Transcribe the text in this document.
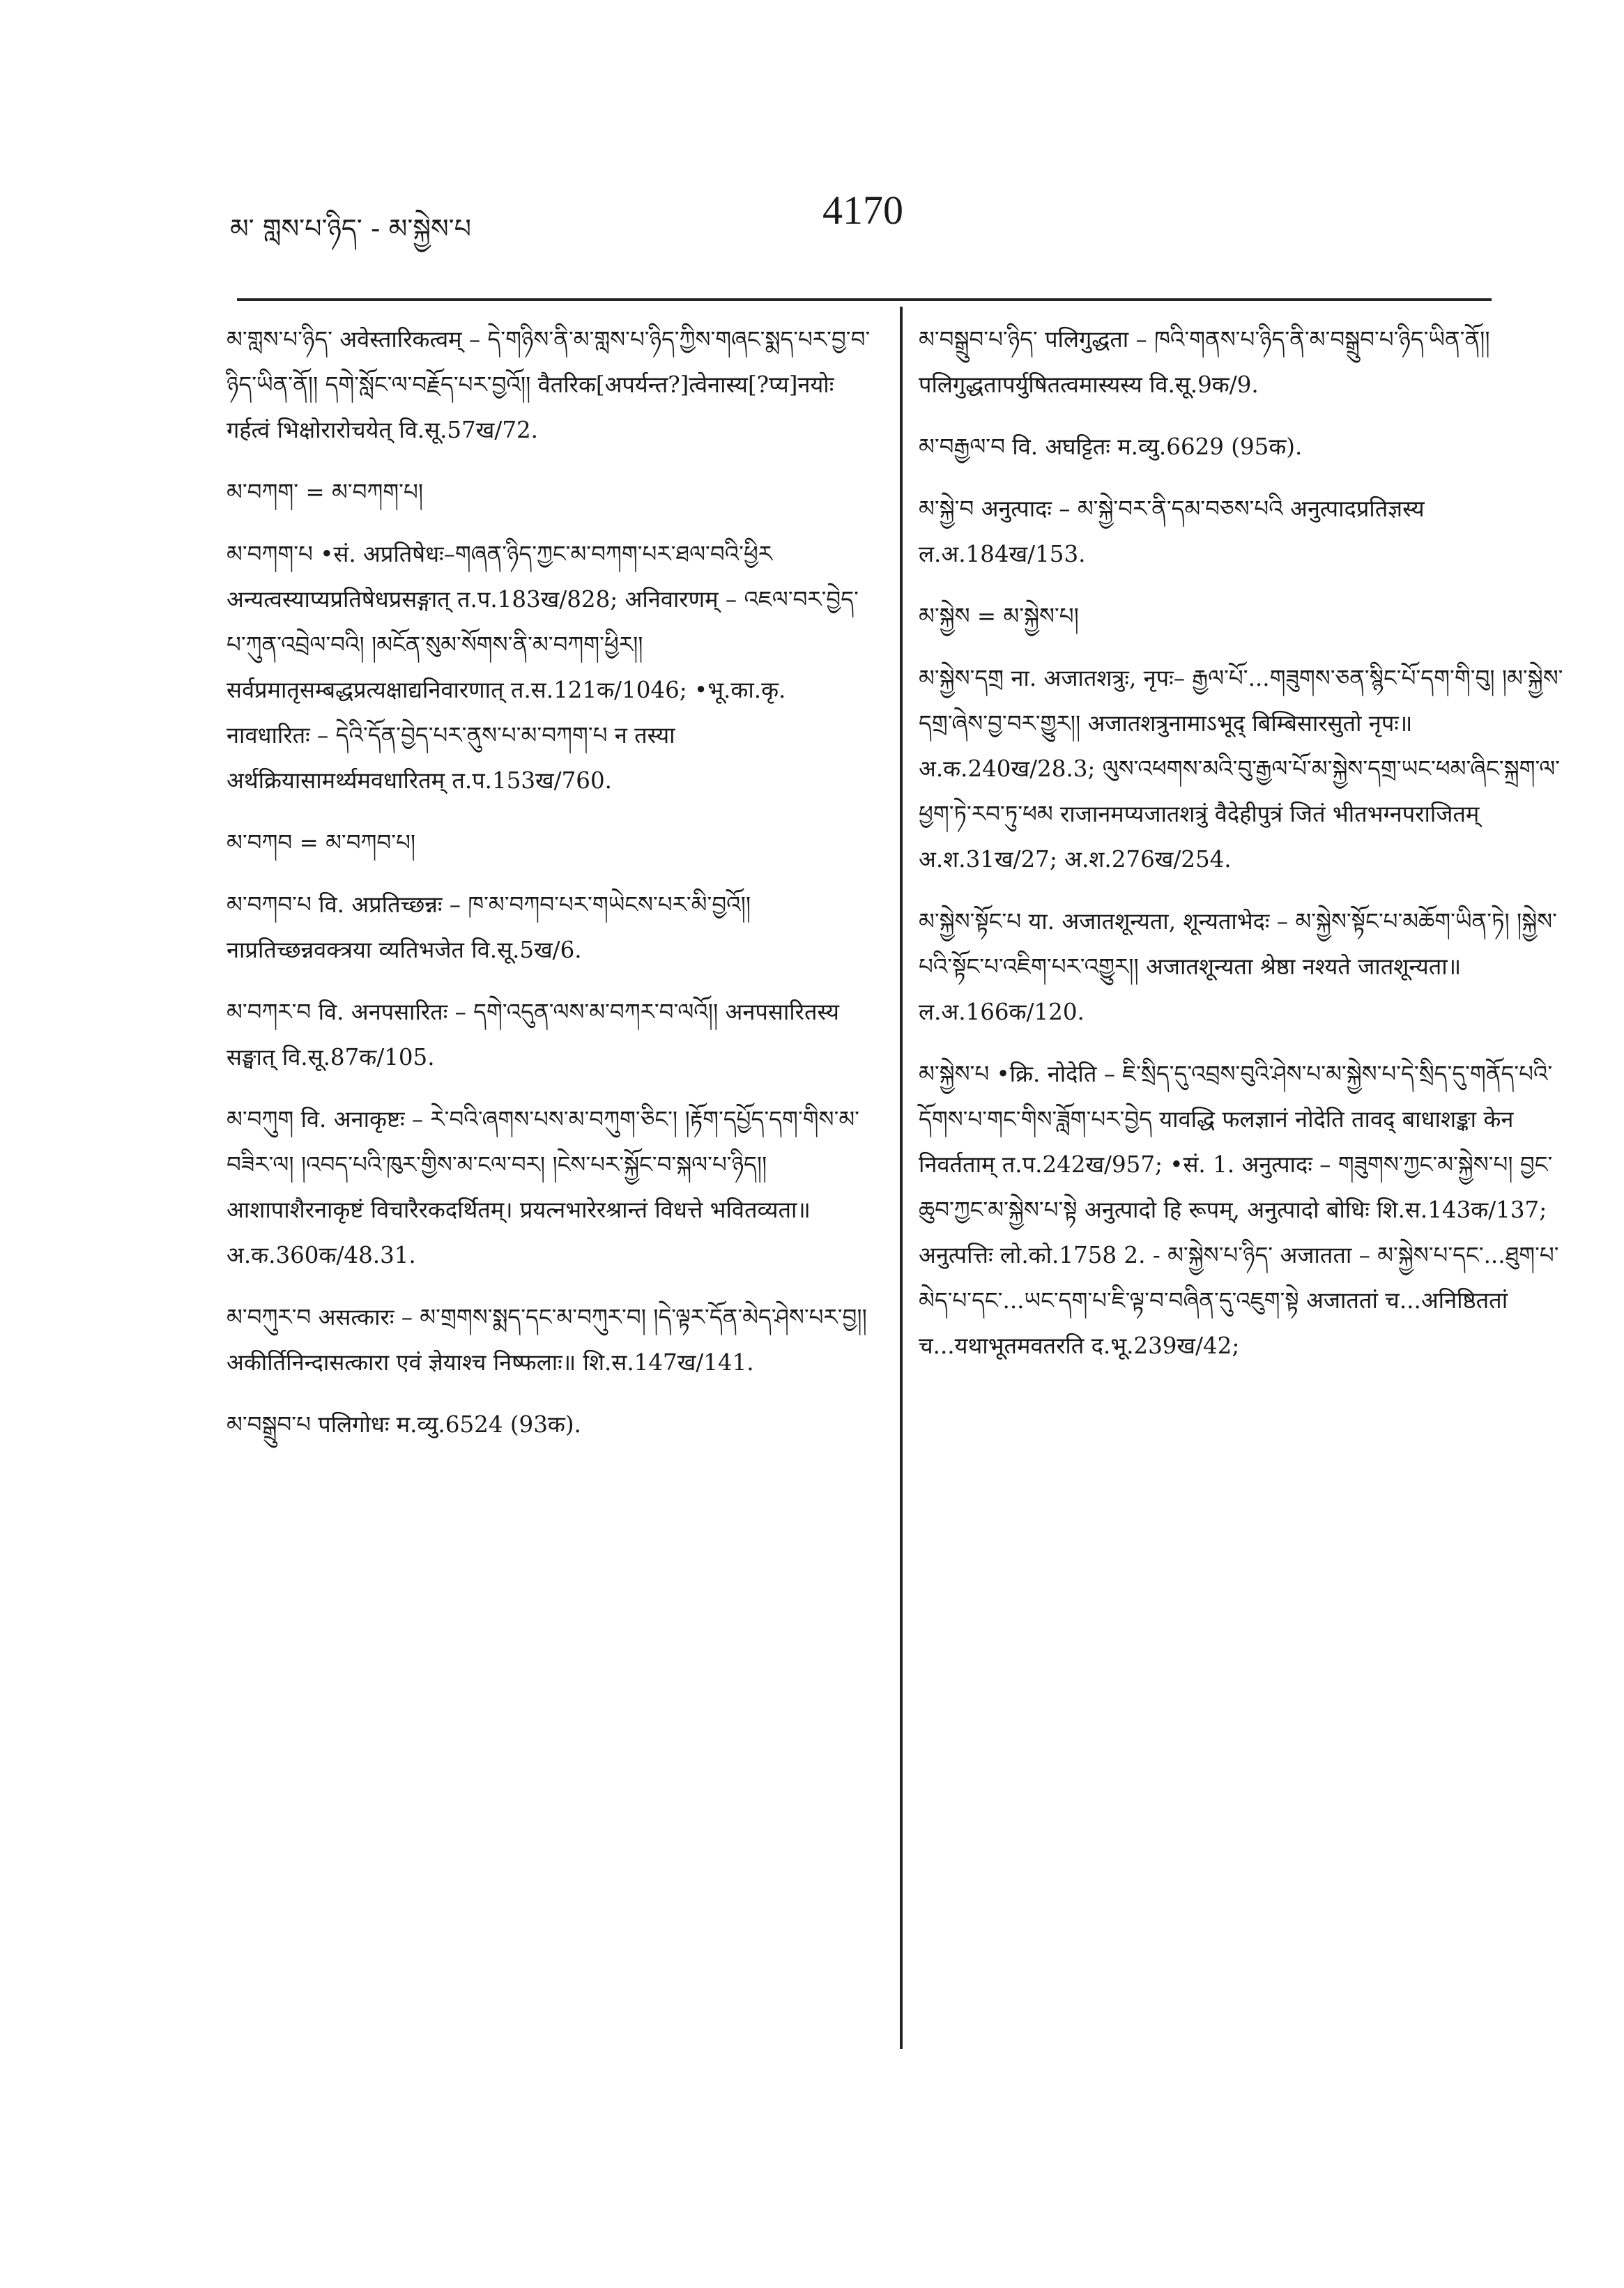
མ་ གླས་པ་ཉིད་ - མ་སྐྱེས་པ	4170

མ་གླས་པ་ཉིད་ अवेस्तारिकत्वम् – དེ་གཉིས་ནི་མ་གླས་པ་ཉིད་ཀྱིས་གཞང་སྨད་པར་བྱ་བ་ཉིད་ཡིན་ནོ།། དགེ་སློང་ལ་བརྗོད་པར་བྱའོ།། वैतरिक[अपर्यन्त?]त्वेनास्य[?प्य]नयोः गर्हत्वं भिक्षोरारोचयेत् वि.सू.57ख/72.

མ་བཀག་ = མ་བཀག་པ།

མ་བཀག་པ •सं. अप्रतिषेधः–གཞན་ཉིད་ཀྱང་མ་བཀག་པར་ཐལ་བའི་ཕྱིར अन्यत्वस्याप्यप्रतिषेधप्रसङ्गात् त.प.183ख/828; अनिवारणम् – འཇལ་བར་བྱེད་པ་ཀུན་འབྲེལ་བའི། །མངོན་སུམ་སོགས་ནི་མ་བཀག་ཕྱིར།། सर्वप्रमातृसम्बद्धप्रत्यक्षाद्यनिवारणात् त.स.121क/1046; •भू.का.कृ. नावधारितः – དེའི་དོན་བྱེད་པར་ནུས་པ་མ་བཀག་པ न तस्या अर्थक्रियासामर्थ्यमवधारितम् त.प.153ख/760.

མ་བཀབ = མ་བཀབ་པ།

མ་བཀབ་པ वि. अप्रतिच्छन्नः – ཁ་མ་བཀབ་པར་གཡེངས་པར་མི་བྱའོ།། नाप्रतिच्छन्नवक्त्रया व्यतिभजेत वि.सू.5ख/6.

མ་བཀར་བ वि. अनपसारितः – དགེ་འདུན་ལས་མ་བཀར་བ་ལའོ།། अनपसारितस्य सङ्घात् वि.सू.87क/105.

མ་བཀུག वि. अनाकृष्टः – རེ་བའི་ཞགས་པས་མ་བཀུག་ཅིང་། །རྟོག་དཔྱོད་དག་གིས་མ་བཟིར་ལ། །འབད་པའི་ཁུར་གྱིས་མ་ངལ་བར། །ངེས་པར་སྐྱོང་བ་སྐལ་པ་ཉིད།། आशापाशैरनाकृष्टं विचारैरकदर्थितम्। प्रयत्नभारेरश्रान्तं विधत्ते भवितव्यता॥ अ.क.360क/48.31.

མ་བཀུར་བ असत्कारः – མ་གྲགས་སྨད་དང་མ་བཀུར་བ། །དེ་ལྟར་དོན་མེད་ཤེས་པར་བྱ།། अकीर्तिनिन्दासत्कारा एवं ज्ञेयाश्च निष्फलाः॥ शि.स.147ख/141.

མ་བསྒྲུབ་པ पलिगोधः म.व्यु.6524 (93क).

མ་བསྒྲུབ་པ་ཉིད་ पलिगुद्धता – ཁའི་གནས་པ་ཉིད་ནི་མ་བསྒྲུབ་པ་ཉིད་ཡིན་ནོ།། पलिगुद्धतापर्युषितत्वमास्यस्य वि.सू.9क/9.

མ་བརྒྱལ་བ वि. अघट्टितः म.व्यु.6629 (95क).

མ་སྐྱེ་བ अनुत्पादः – མ་སྐྱེ་བར་ནི་དམ་བཅས་པའི अनुत्पादप्रतिज्ञस्य ल.अ.184ख/153.

མ་སྐྱེས = མ་སྐྱེས་པ།

མ་སྐྱེས་དགྲ ना. अजातशत्रुः, नृपः– རྒྱལ་པོ་...གཟུགས་ཅན་སྙིང་པོ་དག་གི་བུ། །མ་སྐྱེས་དགྲ་ཞེས་བྱ་བར་གྱུར།། अजातशत्रुनामाऽभूद् बिम्बिसारसुतो नृपः॥ अ.क.240ख/28.3; ལུས་འཕགས་མའི་བུ་རྒྱལ་པོ་མ་སྐྱེས་དགྲ་ཡང་ཕམ་ཞིང་སྐྲག་ལ་ཕྱག་ཏེ་རབ་ཏུ་ཕམ राजानमप्यजातशत्रुं वैदेहीपुत्रं जितं भीतभग्नपराजितम् अ.श.31ख/27; अ.श.276ख/254.

མ་སྐྱེས་སྟོང་པ या. अजातशून्यता, शून्यताभेदः – མ་སྐྱེས་སྟོང་པ་མཆོག་ཡིན་ཏེ། །སྐྱེས་པའི་སྟོང་པ་འཇིག་པར་འགྱུར།། अजातशून्यता श्रेष्ठा नश्यते जातशून्यता॥ ल.अ.166क/120.

མ་སྐྱེས་པ •क्रि. नोदेति – ཇི་སྲིད་དུ་འབྲས་བུའི་ཤེས་པ་མ་སྐྱེས་པ་དེ་སྲིད་དུ་གནོད་པའི་དོགས་པ་གང་གིས་ཟློག་པར་བྱེད यावद्धि फलज्ञानं नोदेति तावद् बाधाशङ्का केन निवर्तताम् त.प.242ख/957; •सं. 1. अनुत्पादः – གཟུགས་ཀྱང་མ་སྐྱེས་པ། བྱང་ཆུབ་ཀྱང་མ་སྐྱེས་པ་སྟེ अनुत्पादो हि रूपम्, अनुत्पादो बोधिः शि.स.143क/137; अनुत्पत्तिः लो.को.1758 2. - མ་སྐྱེས་པ་ཉིད་ अजातता – མ་སྐྱེས་པ་དང་...ཐུག་པ་མེད་པ་དང་...ཡང་དག་པ་ཇི་ལྟ་བ་བཞིན་དུ་འཇུག་སྟེ अजाततां च...अनिष्ठिततां च...यथाभूतमवतरति द.भू.239ख/42;
